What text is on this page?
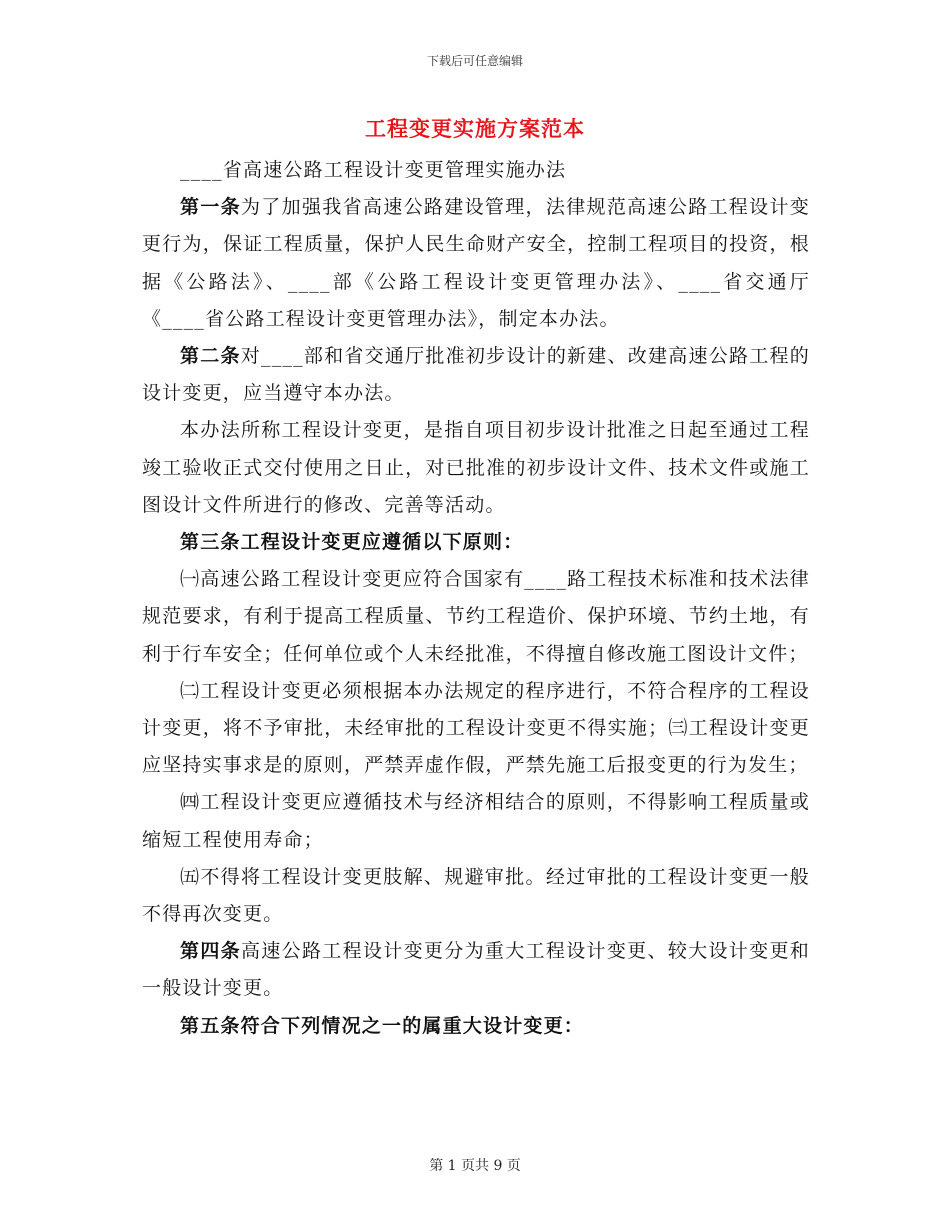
下载后可任意编辑
工程变更实施方案范本

____省高速公路工程设计变更管理实施办法

第一条为了加强我省高速公路建设管理，法律规范高速公路工程设计变更行为，保证工程质量，保护人民生命财产安全，控制工程项目的投资，根据《公路法》、____部《公路工程设计变更管理办法》、____省交通厅《____省公路工程设计变更管理办法》，制定本办法。

第二条对____部和省交通厅批准初步设计的新建、改建高速公路工程的设计变更，应当遵守本办法。

本办法所称工程设计变更，是指自项目初步设计批准之日起至通过工程竣工验收正式交付使用之日止，对已批准的初步设计文件、技术文件或施工图设计文件所进行的修改、完善等活动。

第三条工程设计变更应遵循以下原则：

㈠高速公路工程设计变更应符合国家有____路工程技术标准和技术法律规范要求，有利于提高工程质量、节约工程造价、保护环境、节约土地，有利于行车安全；任何单位或个人未经批准，不得擅自修改施工图设计文件；

㈡工程设计变更必须根据本办法规定的程序进行，不符合程序的工程设计变更，将不予审批，未经审批的工程设计变更不得实施；㈢工程设计变更应坚持实事求是的原则，严禁弄虚作假，严禁先施工后报变更的行为发生；

㈣工程设计变更应遵循技术与经济相结合的原则，不得影响工程质量或缩短工程使用寿命；

㈤不得将工程设计变更肢解、规避审批。经过审批的工程设计变更一般不得再次变更。

第四条高速公路工程设计变更分为重大工程设计变更、较大设计变更和一般设计变更。

第五条符合下列情况之一的属重大设计变更：

第 1 页共 9 页
